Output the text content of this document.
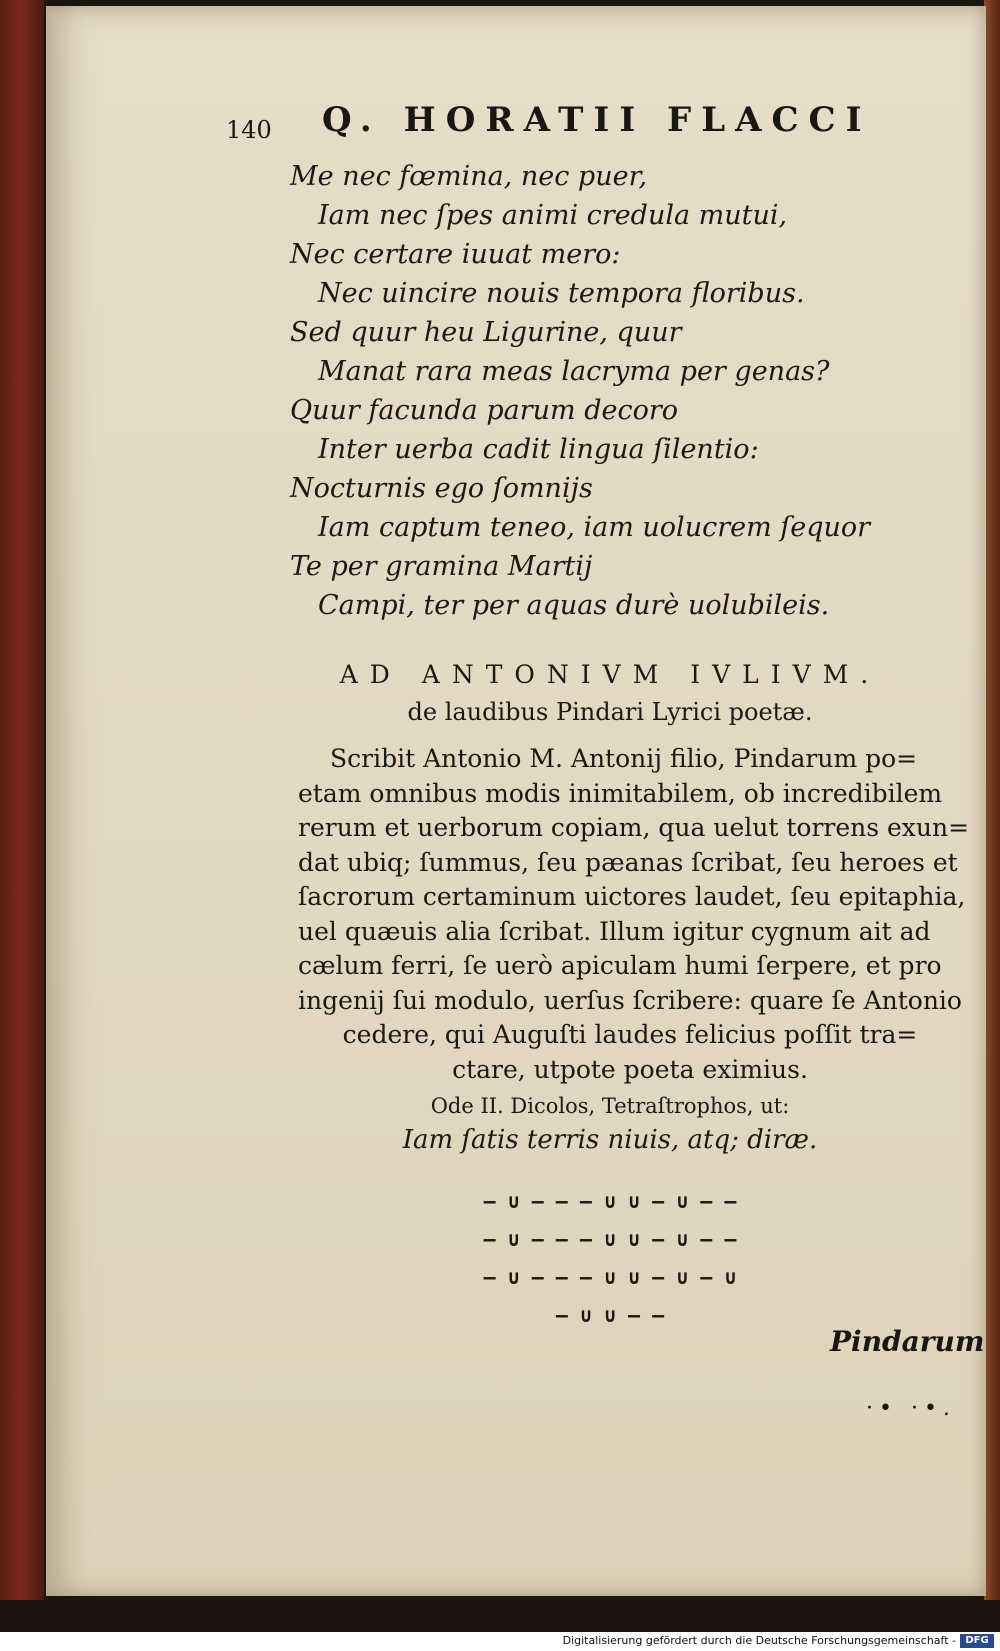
140 Q. HORATII FLACCI
Me nec fœmina, nec puer,
Iam nec ſpes animi credula mutui,
Nec certare iuuat mero:
Nec uincire nouis tempora floribus.
Sed quur heu Ligurine, quur
Manat rara meas lacryma per genas?
Quur facunda parum decoro
Inter uerba cadit lingua ſilentio:
Nocturnis ego ſomnijs
Iam captum teneo, iam uolucrem ſequor
Te per gramina Martij
Campi, ter per aquas durè uolubileis.
AD ANTONIVM IVLIVM.
de laudibus Pindari Lyrici poetæ.
Scribit Antonio M. Antonij filio, Pindarum po=
etam omnibus modis inimitabilem, ob incredibilem
rerum et uerborum copiam, qua uelut torrens exun=
dat ubiq; ſummus, ſeu pæanas ſcribat, ſeu heroes et
ſacrorum certaminum uictores laudet, ſeu epitaphia,
uel quæuis alia ſcribat. Illum igitur cygnum ait ad
cælum ferri, ſe uerò apiculam humi ſerpere, et pro
ingenij ſui modulo, uerſus ſcribere: quare ſe Antonio
cedere, qui Auguſti laudes felicius poſſit tra=
ctare, utpote poeta eximius.
Ode II. Dicolos, Tetraſtrophos, ut:
Iam ſatis terris niuis, atq; diræ.
– ∪ – – – ∪ ∪ – ∪ – –
– ∪ – – – ∪ ∪ – ∪ – –
– ∪ – – – ∪ ∪ – ∪ – ∪
– ∪ ∪ – –
Pindarum
·• ·•.
Digitalisierung gefördert durch die Deutsche Forschungsgemeinschaft - DFG
